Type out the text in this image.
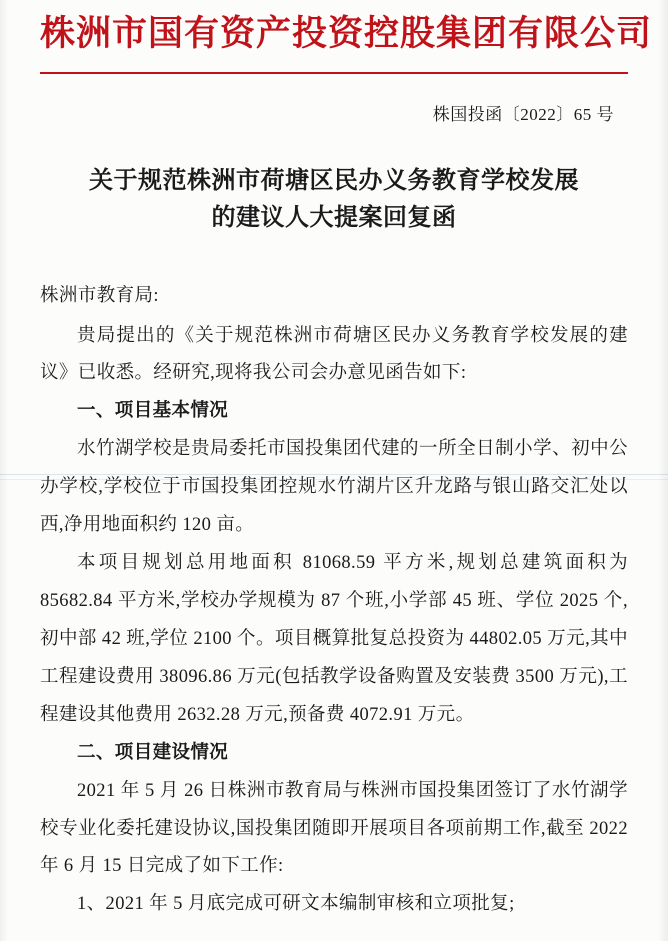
株洲市国有资产投资控股集团有限公司
株国投函〔2022〕65 号
关于规范株洲市荷塘区民办义务教育学校发展
的建议人大提案回复函

株洲市教育局:

贵局提出的《关于规范株洲市荷塘区民办义务教育学校发展的建议》已收悉。经研究,现将我公司会办意见函告如下:

一、项目基本情况

水竹湖学校是贵局委托市国投集团代建的一所全日制小学、初中公办学校,学校位于市国投集团控规水竹湖片区升龙路与银山路交汇处以西,净用地面积约 120 亩。

本项目规划总用地面积 81068.59 平方米,规划总建筑面积为 85682.84 平方米,学校办学规模为 87 个班,小学部 45 班、学位 2025 个,初中部 42 班,学位 2100 个。项目概算批复总投资为 44802.05 万元,其中工程建设费用 38096.86 万元(包括教学设备购置及安装费 3500 万元),工程建设其他费用 2632.28 万元,预备费 4072.91 万元。

二、项目建设情况

2021 年 5 月 26 日株洲市教育局与株洲市国投集团签订了水竹湖学校专业化委托建设协议,国投集团随即开展项目各项前期工作,截至 2022 年 6 月 15 日完成了如下工作:

1、2021 年 5 月底完成可研文本编制审核和立项批复;
